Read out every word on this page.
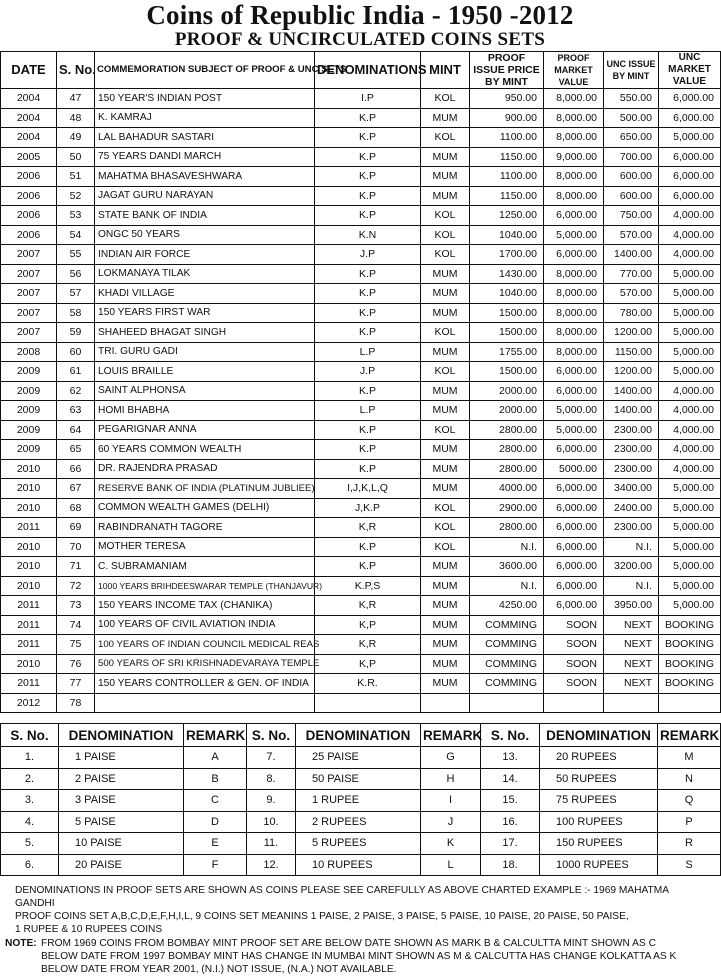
Coins of Republic India - 1950 -2012
PROOF & UNCIRCULATED COINS SETS
DATE	S. No.	COMMEMORATION SUBJECT OF PROOF & UNC SETS	DENOMINATIONS	MINT	PROOF ISSUE PRICE BY MINT	PROOF MARKET VALUE	UNC ISSUE BY MINT	UNC MARKET VALUE
2004	47	150 YEAR'S INDIAN POST	I.P	KOL	950.00	8,000.00	550.00	6,000.00
2004	48	K. KAMRAJ	K.P	MUM	900.00	8,000.00	500.00	6,000.00
2004	49	LAL BAHADUR SASTARI	K.P	KOL	1100.00	8,000.00	650.00	5,000.00
2005	50	75 YEARS DANDI MARCH	K.P	MUM	1150.00	9,000.00	700.00	6,000.00
2006	51	MAHATMA BHASAVESHWARA	K.P	MUM	1100.00	8,000.00	600.00	6,000.00
2006	52	JAGAT GURU NARAYAN	K.P	MUM	1150.00	8,000.00	600.00	6,000.00
2006	53	STATE BANK OF INDIA	K.P	KOL	1250.00	6,000.00	750.00	4,000.00
2006	54	ONGC 50 YEARS	K.N	KOL	1040.00	5,000.00	570.00	4,000.00
2007	55	INDIAN AIR FORCE	J.P	KOL	1700.00	6,000.00	1400.00	4,000.00
2007	56	LOKMANAYA TILAK	K.P	MUM	1430.00	8,000.00	770.00	5,000.00
2007	57	KHADI VILLAGE	K.P	MUM	1040.00	8,000.00	570.00	5,000.00
2007	58	150 YEARS FIRST WAR	K.P	MUM	1500.00	8,000.00	780.00	5,000.00
2007	59	SHAHEED BHAGAT SINGH	K.P	KOL	1500.00	8,000.00	1200.00	5,000.00
2008	60	TRI. GURU GADI	L.P	MUM	1755.00	8,000.00	1150.00	5,000.00
2009	61	LOUIS BRAILLE	J.P	KOL	1500.00	6,000.00	1200.00	5,000.00
2009	62	SAINT ALPHONSA	K.P	MUM	2000.00	6,000.00	1400.00	4,000.00
2009	63	HOMI BHABHA	L.P	MUM	2000.00	5,000.00	1400.00	4,000.00
2009	64	PEGARIGNAR ANNA	K.P	KOL	2800.00	5,000.00	2300.00	4,000.00
2009	65	60 YEARS COMMON WEALTH	K.P	MUM	2800.00	6,000.00	2300.00	4,000.00
2010	66	DR. RAJENDRA PRASAD	K.P	MUM	2800.00	5000.00	2300.00	4,000.00
2010	67	RESERVE BANK OF INDIA (PLATINUM JUBLIEE)	I,J,K,L,Q	MUM	4000.00	6,000.00	3400.00	5,000.00
2010	68	COMMON WEALTH GAMES (DELHI)	J,K.P	KOL	2900.00	6,000.00	2400.00	5,000.00
2011	69	RABINDRANATH TAGORE	K,R	KOL	2800.00	6,000.00	2300.00	5,000.00
2010	70	MOTHER TERESA	K.P	KOL	N.I.	6,000.00	N.I.	5,000.00
2010	71	C. SUBRAMANIAM	K.P	MUM	3600.00	6,000.00	3200.00	5,000.00
2010	72	1000 YEARS BRIHDEESWARAR TEMPLE (THANJAVUR)	K.P,S	MUM	N.I.	6,000.00	N.I.	5,000.00
2011	73	150 YEARS INCOME TAX (CHANIKA)	K,R	MUM	4250.00	6,000.00	3950.00	5,000.00
2011	74	100 YEARS OF CIVIL AVIATION INDIA	K,P	MUM	COMMING	SOON	NEXT	BOOKING
2011	75	100 YEARS OF INDIAN COUNCIL MEDICAL REAS	K,R	MUM	COMMING	SOON	NEXT	BOOKING
2010	76	500 YEARS OF SRI KRISHNADEVARAYA TEMPLE	K,P	MUM	COMMING	SOON	NEXT	BOOKING
2011	77	150 YEARS CONTROLLER & GEN. OF INDIA	K.R.	MUM	COMMING	SOON	NEXT	BOOKING
2012	78							
S. No.	DENOMINATION	REMARK	S. No.	DENOMINATION	REMARK	S. No.	DENOMINATION	REMARK
1.	1 PAISE	A	7.	25 PAISE	G	13.	20 RUPEES	M
2.	2 PAISE	B	8.	50 PAISE	H	14.	50 RUPEES	N
3.	3 PAISE	C	9.	1 RUPEE	I	15.	75 RUPEES	Q
4.	5 PAISE	D	10.	2 RUPEES	J	16.	100 RUPEES	P
5.	10 PAISE	E	11.	5 RUPEES	K	17.	150 RUPEES	R
6.	20 PAISE	F	12.	10 RUPEES	L	18.	1000 RUPEES	S
DENOMINATIONS IN PROOF SETS ARE SHOWN AS COINS PLEASE SEE CAREFULLY AS ABOVE CHARTED EXAMPLE :- 1969 MAHATMA GANDHI
PROOF COINS SET A,B,C,D,E,F,H,I,L, 9 COINS SET MEANINS 1 PAISE, 2 PAISE, 3 PAISE, 5 PAISE, 10 PAISE, 20 PAISE, 50 PAISE,
1 RUPEE & 10 RUPEES COINS
NOTE: FROM 1969 COINS FROM BOMBAY MINT PROOF SET ARE BELOW DATE SHOWN AS MARK B & CALCULTTA MINT SHOWN AS C
BELOW DATE FROM 1997 BOMBAY MINT HAS CHANGE IN MUMBAI MINT SHOWN AS M & CALCUTTA HAS CHANGE KOLKATTA AS K
BELOW DATE FROM YEAR 2001, (N.I.) NOT ISSUE, (N.A.) NOT AVAILABLE.
